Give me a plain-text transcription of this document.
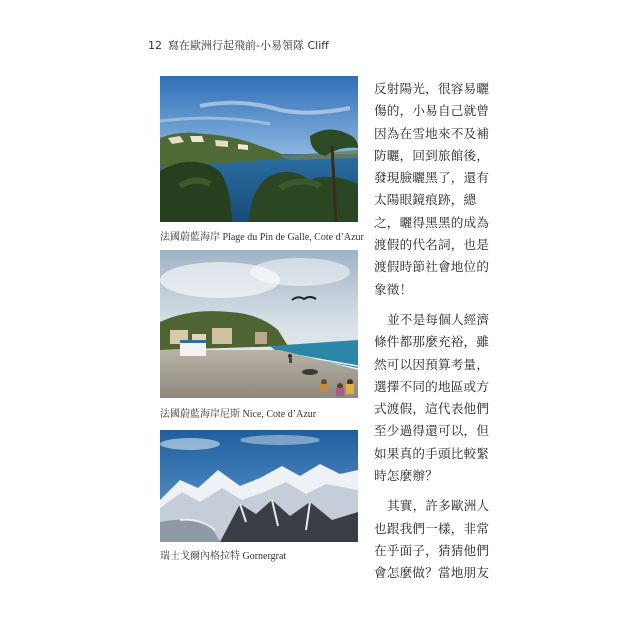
12 寫在歐洲行起飛前-小易領隊 Cliff
法國蔚藍海岸 Plage du Pin de Galle, Cote d’Azur
法國蔚藍海岸尼斯 Nice, Cote d’Azur
瑞士戈爾內格拉特 Gornergrat
反射陽光，很容易曬
傷的，小易自己就曾
因為在雪地來不及補
防曬，回到旅館後，
發現臉曬黑了，還有
太陽眼鏡痕跡，總
之，曬得黑黑的成為
渡假的代名詞，也是
渡假時節社會地位的
象徵！
並不是每個人經濟
條件都那麼充裕，雖
然可以因預算考量，
選擇不同的地區或方
式渡假，這代表他們
至少過得還可以，但
如果真的手頭比較緊
時怎麼辦？
其實，許多歐洲人
也跟我們一樣，非常
在乎面子，猜猜他們
會怎麼做？當地朋友
